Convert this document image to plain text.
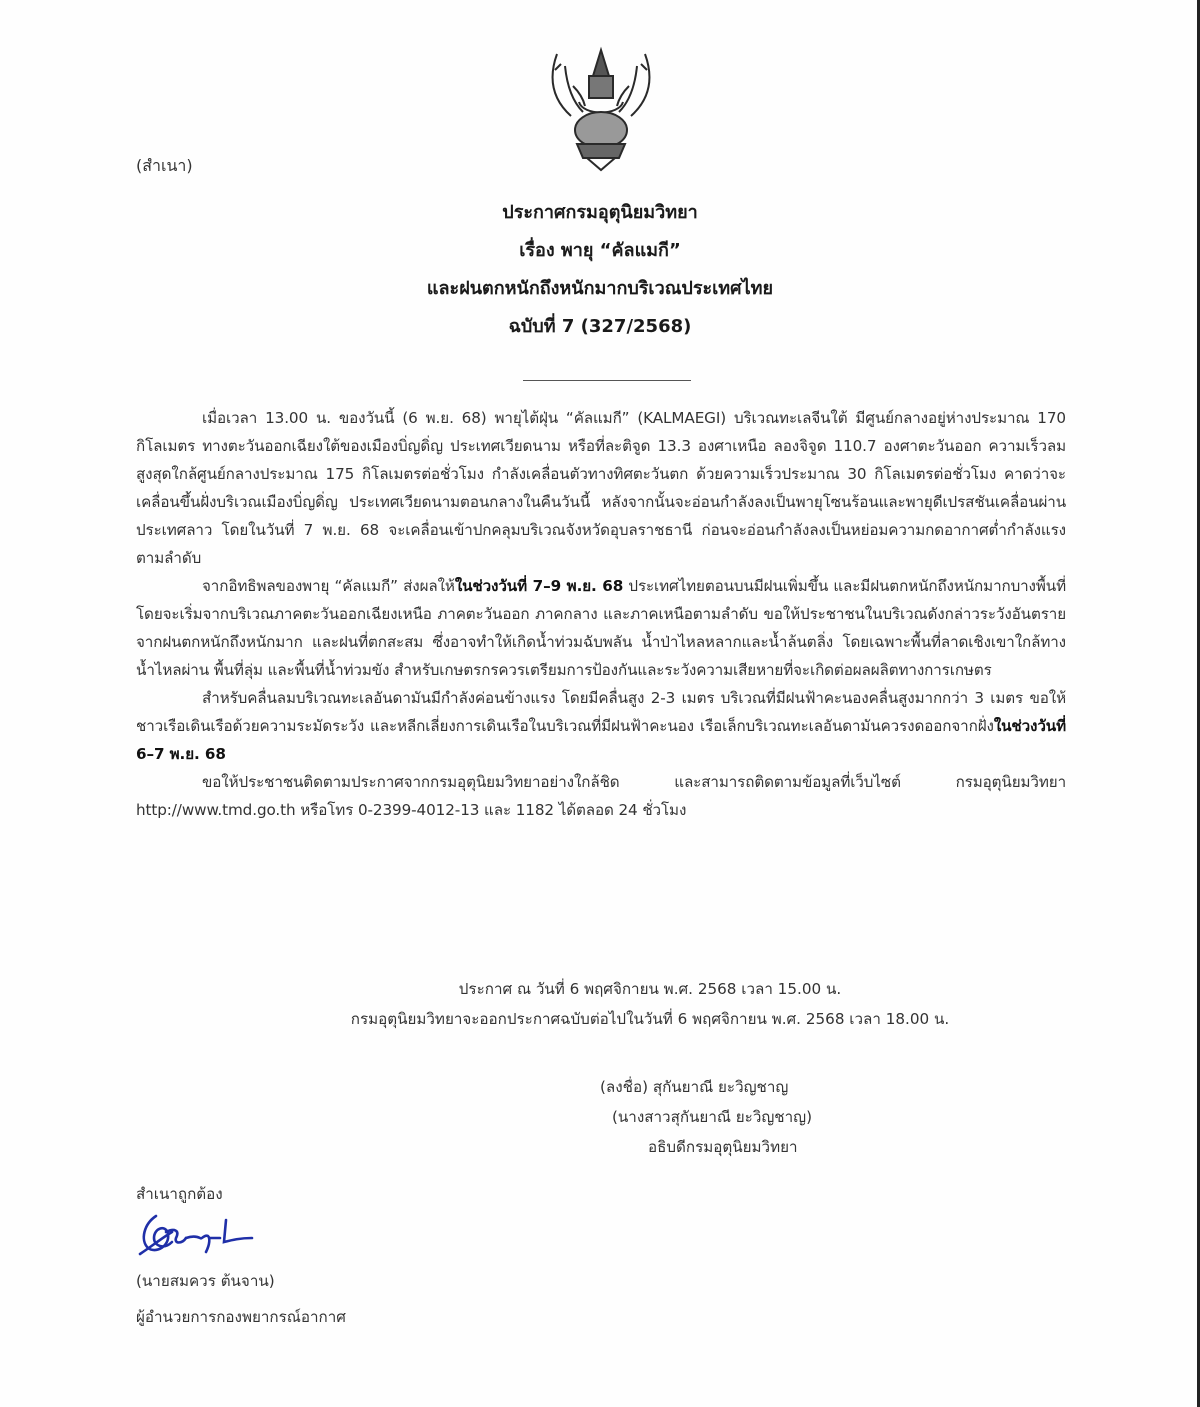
(สำเนา)
ประกาศกรมอุตุนิยมวิทยา
เรื่อง พายุ “คัลแมกี”
และฝนตกหนักถึงหนักมากบริเวณประเทศไทย
ฉบับที่ 7 (327/2568)

เมื่อเวลา 13.00 น. ของวันนี้ (6 พ.ย. 68) พายุไต้ฝุ่น “คัลแมกี” (KALMAEGI) บริเวณทะเลจีนใต้ มีศูนย์กลางอยู่ห่างประมาณ 170 กิโลเมตร ทางตะวันออกเฉียงใต้ของเมืองบิ่ญดิ่ญ ประเทศเวียดนาม หรือที่ละติจูด 13.3 องศาเหนือ ลองจิจูด 110.7 องศาตะวันออก ความเร็วลมสูงสุดใกล้ศูนย์กลางประมาณ 175 กิโลเมตรต่อชั่วโมง กำลังเคลื่อนตัวทางทิศตะวันตก ด้วยความเร็วประมาณ 30 กิโลเมตรต่อชั่วโมง คาดว่าจะเคลื่อนขึ้นฝั่งบริเวณเมืองบิ่ญดิ่ญ ประเทศเวียดนามตอนกลางในคืนวันนี้ หลังจากนั้นจะอ่อนกำลังลงเป็นพายุโซนร้อนและพายุดีเปรสชันเคลื่อนผ่านประเทศลาว โดยในวันที่ 7 พ.ย. 68 จะเคลื่อนเข้าปกคลุมบริเวณจังหวัดอุบลราชธานี ก่อนจะอ่อนกำลังลงเป็นหย่อมความกดอากาศต่ำกำลังแรงตามลำดับ

จากอิทธิพลของพายุ “คัลแมกี” ส่งผลให้ในช่วงวันที่ 7–9 พ.ย. 68 ประเทศไทยตอนบนมีฝนเพิ่มขึ้น และมีฝนตกหนักถึงหนักมากบางพื้นที่ โดยจะเริ่มจากบริเวณภาคตะวันออกเฉียงเหนือ ภาคตะวันออก ภาคกลาง และภาคเหนือตามลำดับ ขอให้ประชาชนในบริเวณดังกล่าวระวังอันตรายจากฝนตกหนักถึงหนักมาก และฝนที่ตกสะสม ซึ่งอาจทำให้เกิดน้ำท่วมฉับพลัน น้ำป่าไหลหลากและน้ำล้นตลิ่ง โดยเฉพาะพื้นที่ลาดเชิงเขาใกล้ทางน้ำไหลผ่าน พื้นที่ลุ่ม และพื้นที่น้ำท่วมขัง สำหรับเกษตรกรควรเตรียมการป้องกันและระวังความเสียหายที่จะเกิดต่อผลผลิตทางการเกษตร

สำหรับคลื่นลมบริเวณทะเลอันดามันมีกำลังค่อนข้างแรง โดยมีคลื่นสูง 2-3 เมตร บริเวณที่มีฝนฟ้าคะนองคลื่นสูงมากกว่า 3 เมตร ขอให้ชาวเรือเดินเรือด้วยความระมัดระวัง และหลีกเลี่ยงการเดินเรือในบริเวณที่มีฝนฟ้าคะนอง เรือเล็กบริเวณทะเลอันดามันควรงดออกจากฝั่งในช่วงวันที่ 6–7 พ.ย. 68

ขอให้ประชาชนติดตามประกาศจากกรมอุตุนิยมวิทยาอย่างใกล้ชิด และสามารถติดตามข้อมูลที่เว็บไซต์ กรมอุตุนิยมวิทยา http://www.tmd.go.th หรือโทร 0-2399-4012-13 และ 1182 ได้ตลอด 24 ชั่วโมง

ประกาศ ณ วันที่ 6 พฤศจิกายน พ.ศ. 2568 เวลา 15.00 น.
กรมอุตุนิยมวิทยาจะออกประกาศฉบับต่อไปในวันที่ 6 พฤศจิกายน พ.ศ. 2568 เวลา 18.00 น.
(ลงชื่อ) สุกันยาณี ยะวิญชาญ
(นางสาวสุกันยาณี ยะวิญชาญ)
อธิบดีกรมอุตุนิยมวิทยา
สำเนาถูกต้อง
(นายสมควร ต้นจาน)
ผู้อำนวยการกองพยากรณ์อากาศ
